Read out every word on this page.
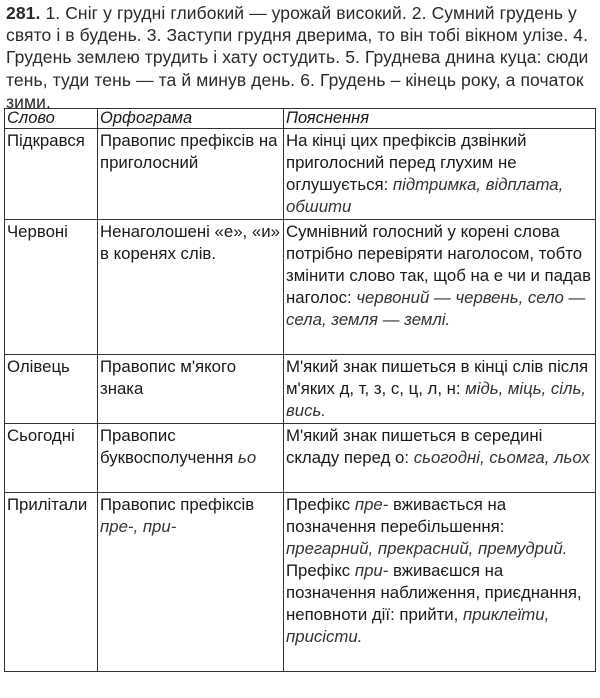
281. 1. Сніг у грудні глибокий — урожай високий. 2. Сумний грудень у свято і в будень. 3. Заступи грудня дверима, то він тобі вікном улізе. 4. Грудень землею трудить і хату остудить. 5. Груднева днина куца: сюди тень, туди тень — та й минув день. 6. Грудень – кінець року, а початок зими.
Слово	Орфограма	Пояснення
Підкрався	Правопис префіксів на приголосний	На кінці цих префіксів дзвінкий приголосний перед глухим не оглушується: підтримка, відплата, обшити
Червоні	Ненаголошені «е», «и» в коренях слів.	Сумнівний голосний у корені слова потрібно перевіряти наголосом, тобто змінити слово так, щоб на е чи и падав наголос: червоний — червень, село — села, земля — землі.
Олівець	Правопис м'якого знака	М'який знак пишеться в кінці слів після м'яких д, т, з, с, ц, л, н: мідь, міць, сіль, вись.
Сьогодні	Правопис буквосполучення ьо	М'який знак пишеться в середині складу перед о: сьогодні, сьомга, льох
Прилітали	Правопис префіксів пре-, при-	Префікс пре- вживається на позначення перебільшення: прегарний, прекрасний, премудрий.
Префікс при- вживаєшся на позначення наближення, приєднання, неповноти дії: прийти, приклеїти, присісти.
